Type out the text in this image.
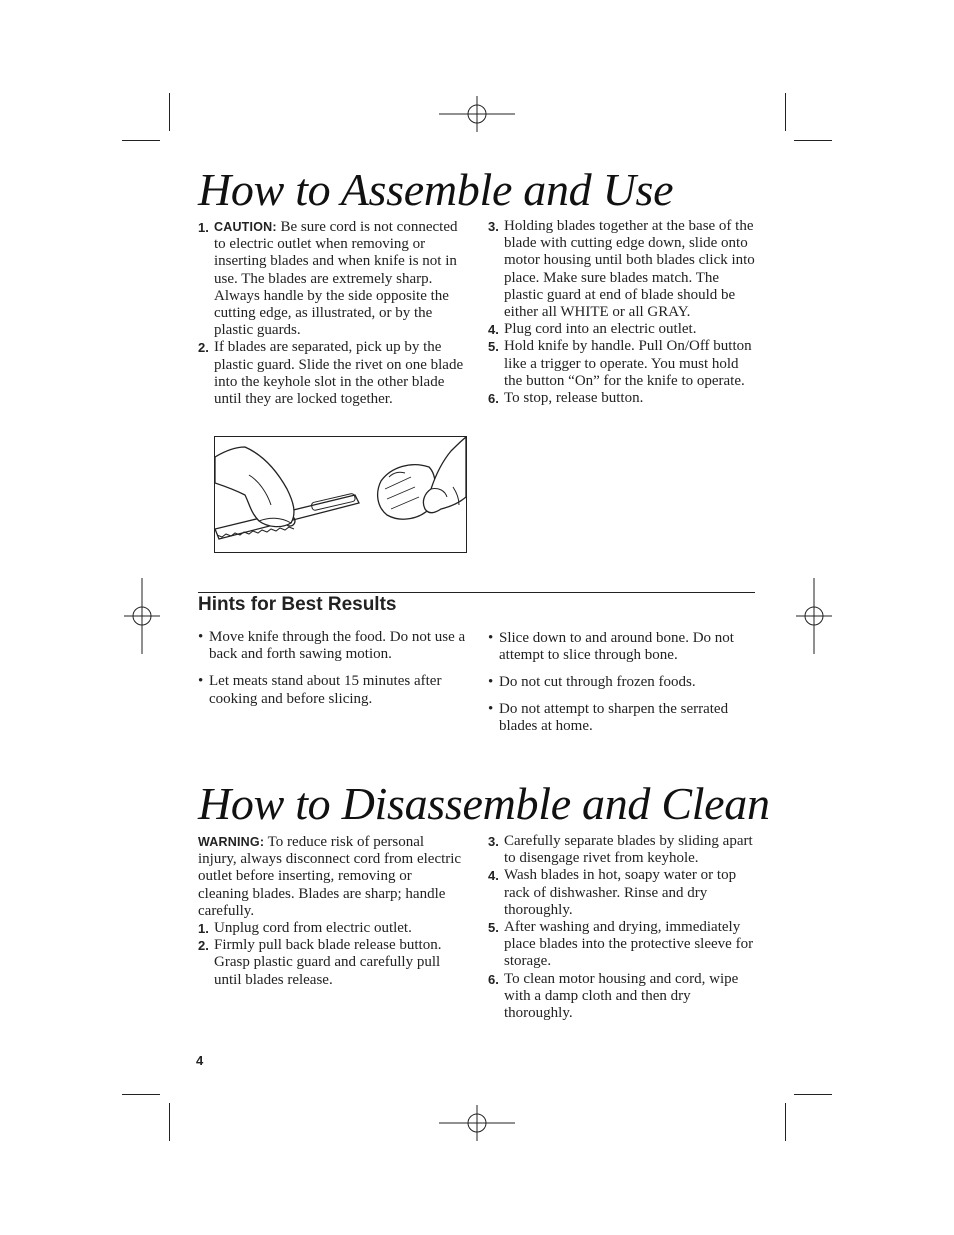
How to Assemble and Use

1. CAUTION: Be sure cord is not connected to electric outlet when removing or inserting blades and when knife is not in use. The blades are extremely sharp. Always handle by the side opposite the cutting edge, as illustrated, or by the plastic guards.

2. If blades are separated, pick up by the plastic guard. Slide the rivet on one blade into the keyhole slot in the other blade until they are locked together.

3. Holding blades together at the base of the blade with cutting edge down, slide onto motor housing until both blades click into place. Make sure blades match. The plastic guard at end of blade should be either all WHITE or all GRAY.

4. Plug cord into an electric outlet.

5. Hold knife by handle. Pull On/Off button like a trigger to operate. You must hold the button “On” for the knife to operate.

6. To stop, release button.

Hints for Best Results

• Move knife through the food. Do not use a back and forth sawing motion.

• Let meats stand about 15 minutes after cooking and before slicing.

• Slice down to and around bone. Do not attempt to slice through bone.

• Do not cut through frozen foods.

• Do not attempt to sharpen the serrated blades at home.

How to Disassemble and Clean

WARNING: To reduce risk of personal injury, always disconnect cord from electric outlet before inserting, removing or cleaning blades. Blades are sharp; handle carefully.

1. Unplug cord from electric outlet.

2. Firmly pull back blade release button. Grasp plastic guard and carefully pull until blades release.

3. Carefully separate blades by sliding apart to disengage rivet from keyhole.

4. Wash blades in hot, soapy water or top rack of dishwasher. Rinse and dry thoroughly.

5. After washing and drying, immediately place blades into the protective sleeve for storage.

6. To clean motor housing and cord, wipe with a damp cloth and then dry thoroughly.

4
